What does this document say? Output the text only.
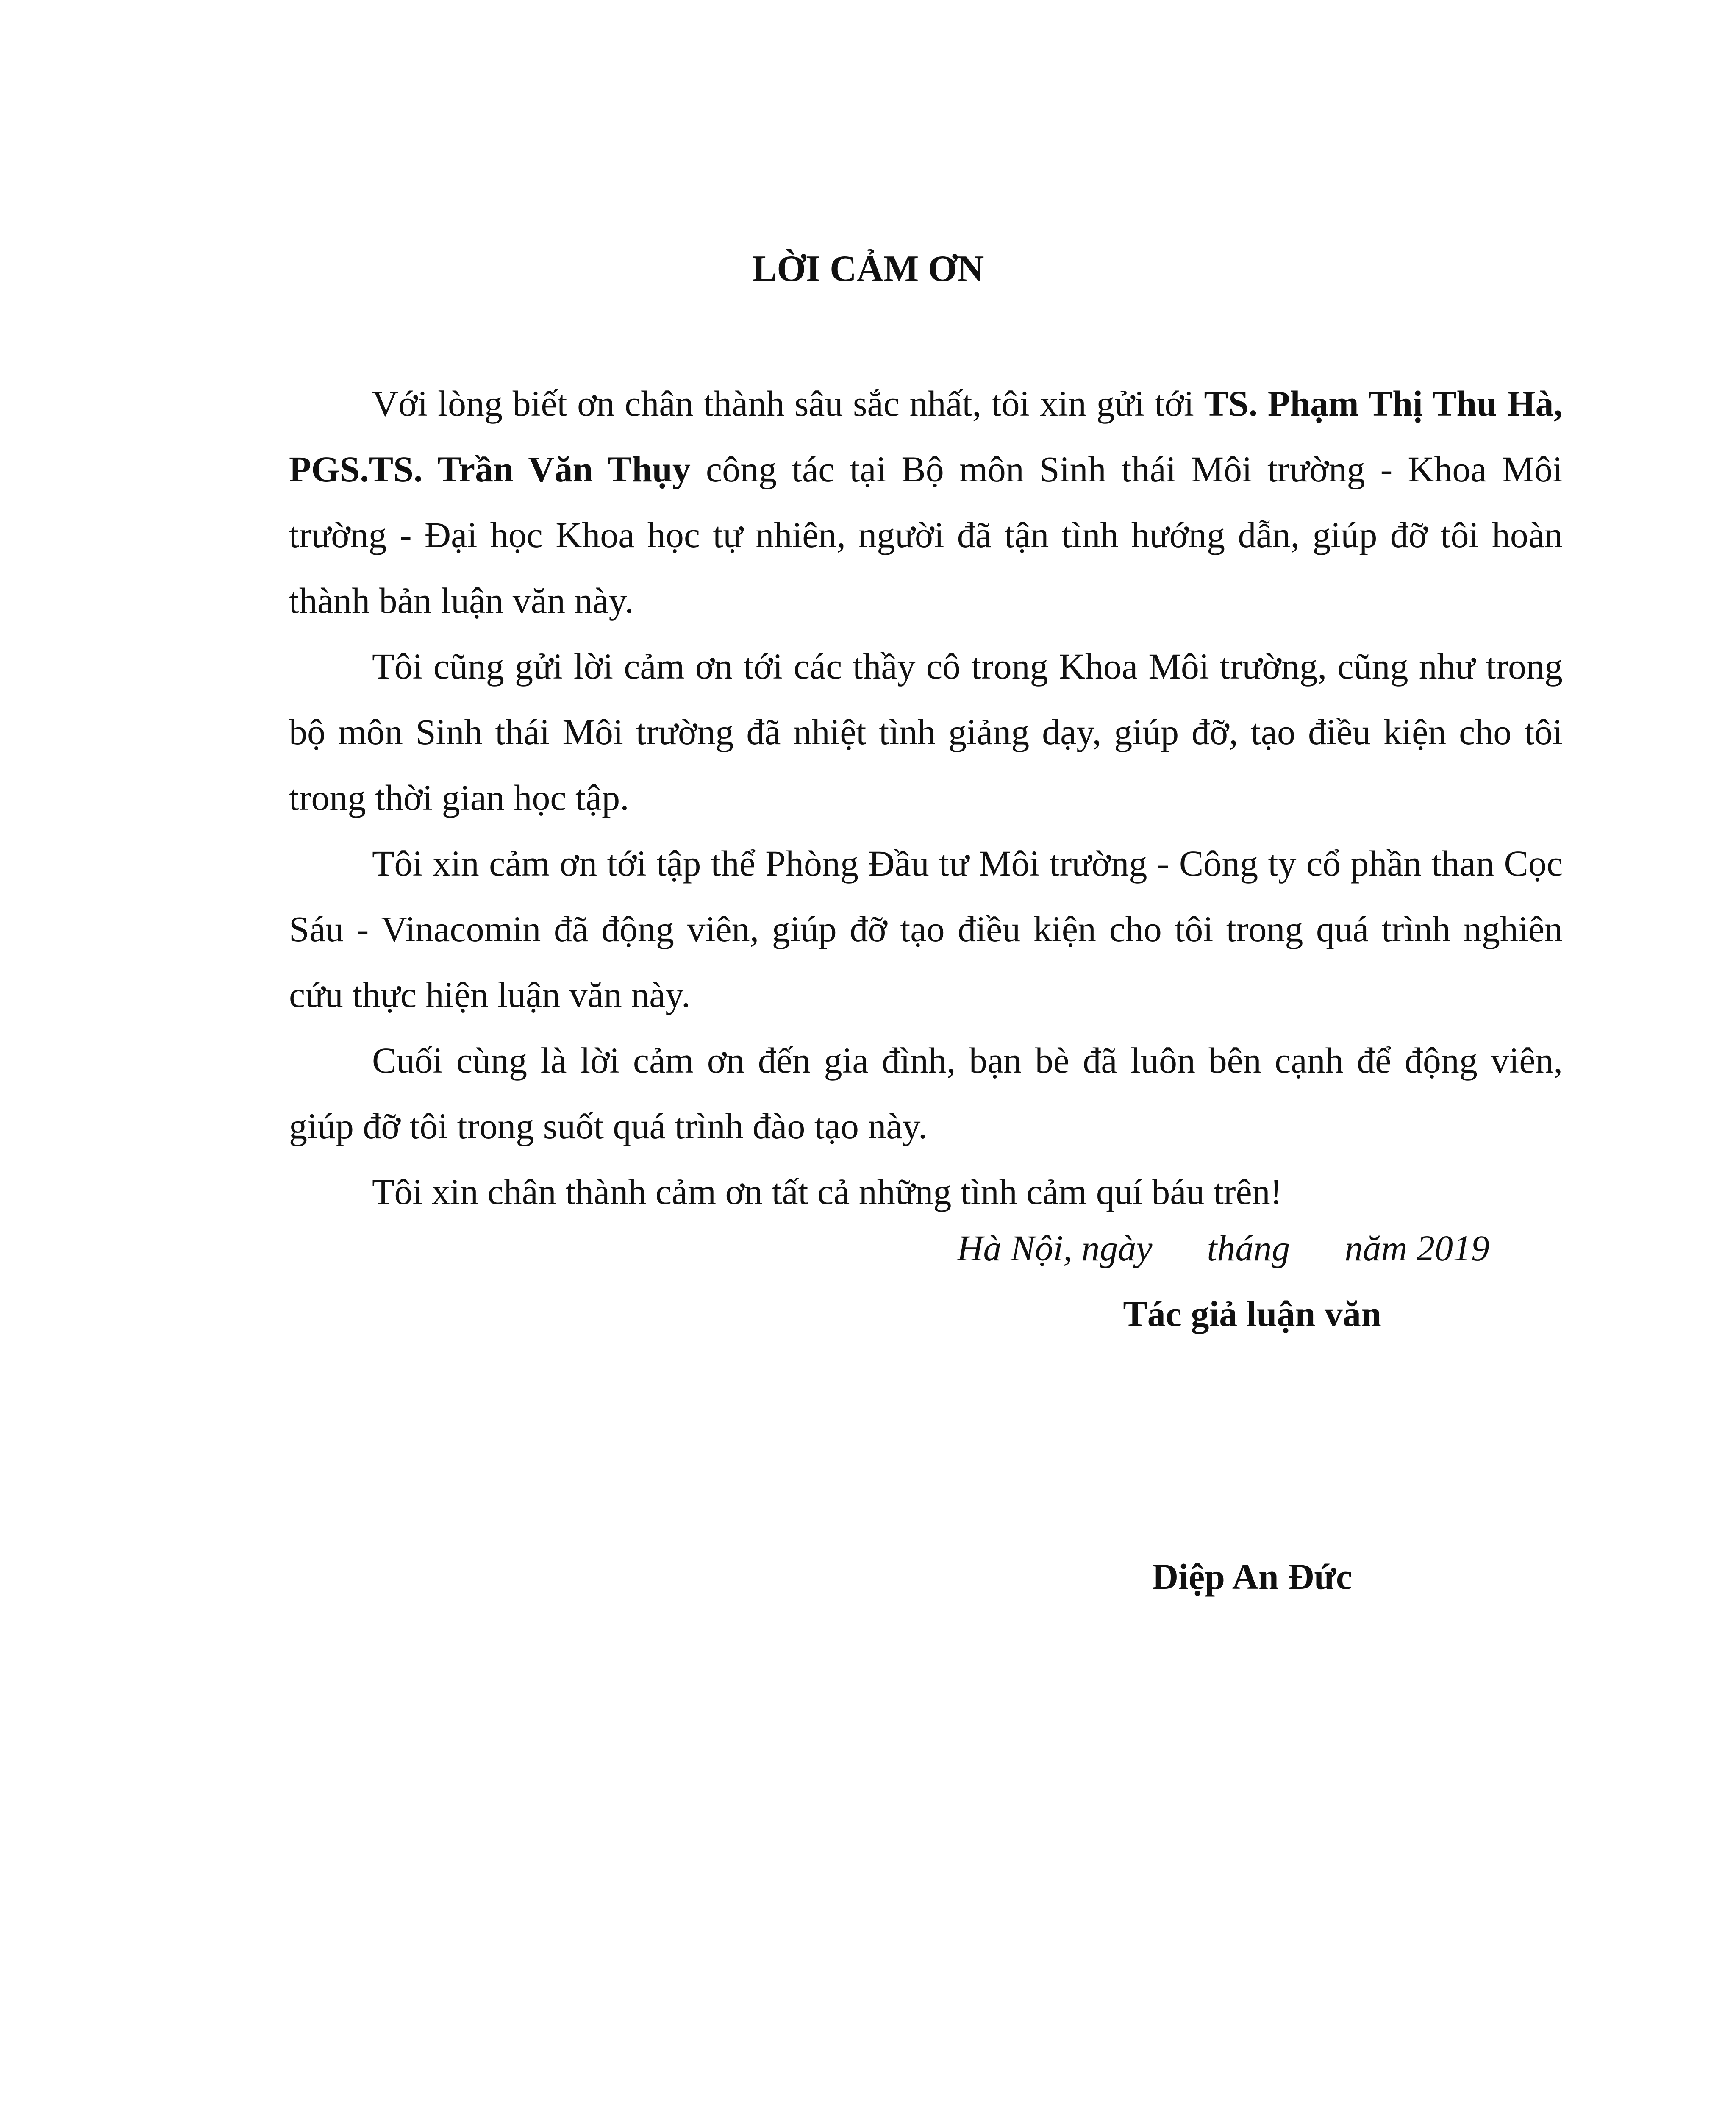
LỜI CẢM ƠN

Với lòng biết ơn chân thành sâu sắc nhất, tôi xin gửi tới TS. Phạm Thị Thu Hà, PGS.TS. Trần Văn Thụy công tác tại Bộ môn Sinh thái Môi trường - Khoa Môi trường - Đại học Khoa học tự nhiên, người đã tận tình hướng dẫn, giúp đỡ tôi hoàn thành bản luận văn này.

Tôi cũng gửi lời cảm ơn tới các thầy cô trong Khoa Môi trường, cũng như trong bộ môn Sinh thái Môi trường đã nhiệt tình giảng dạy, giúp đỡ, tạo điều kiện cho tôi trong thời gian học tập.

Tôi xin cảm ơn tới tập thể Phòng Đầu tư Môi trường - Công ty cổ phần than Cọc Sáu - Vinacomin đã động viên, giúp đỡ tạo điều kiện cho tôi trong quá trình nghiên cứu thực hiện luận văn này.

Cuối cùng là lời cảm ơn đến gia đình, bạn bè đã luôn bên cạnh để động viên, giúp đỡ tôi trong suốt quá trình đào tạo này.

Tôi xin chân thành cảm ơn tất cả những tình cảm quí báu trên!

Hà Nội, ngày      tháng      năm 2019

Tác giả luận văn

Diệp An Đức
